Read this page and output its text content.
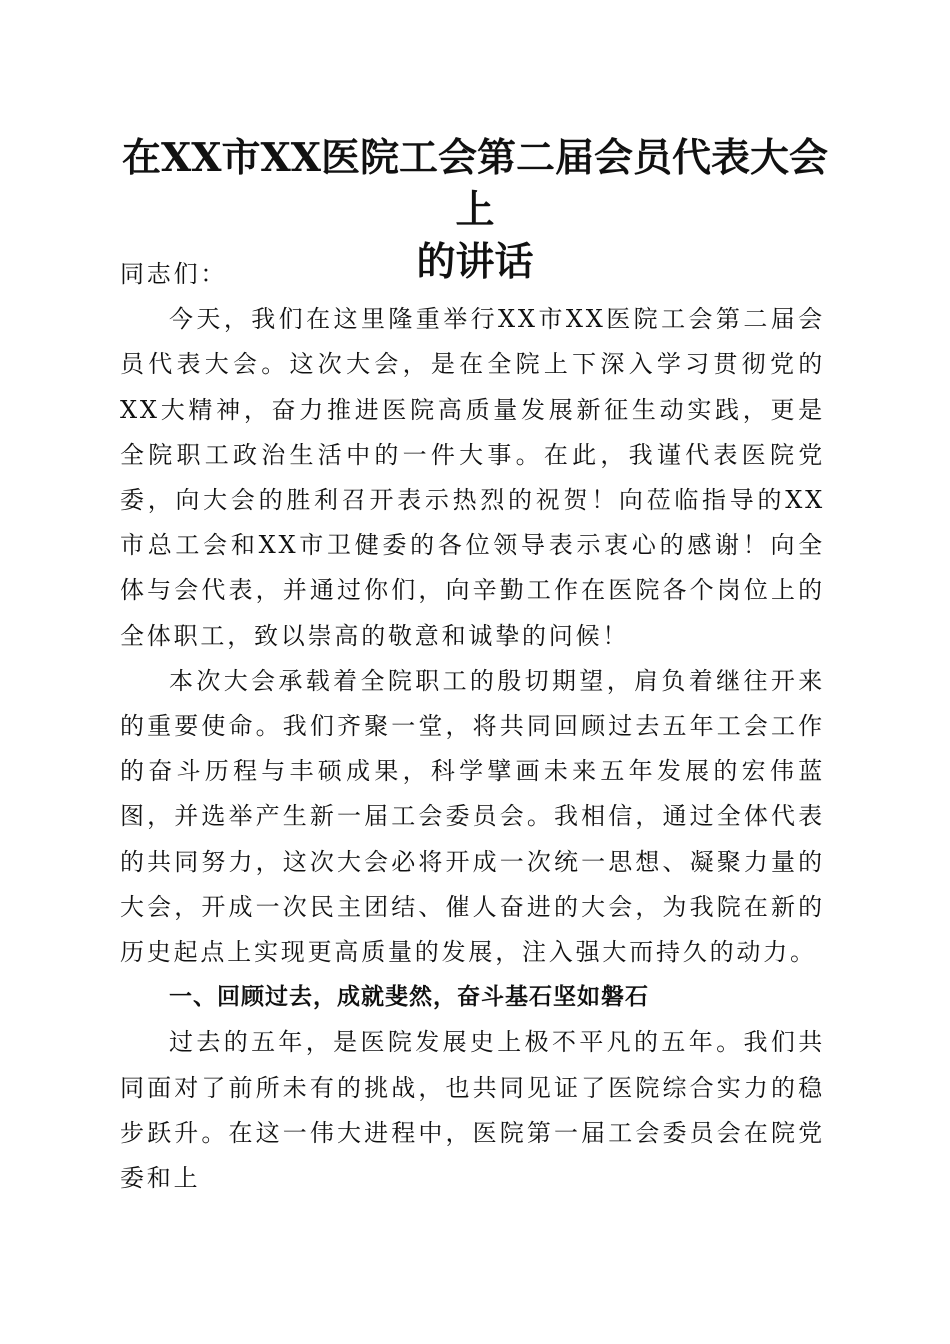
在XX市XX医院工会第二届会员代表大会上
的讲话

同志们：

今天，我们在这里隆重举行XX市XX医院工会第二届会员代表大会。这次大会，是在全院上下深入学习贯彻党的XX大精神，奋力推进医院高质量发展新征生动实践，更是全院职工政治生活中的一件大事。在此，我谨代表医院党委，向大会的胜利召开表示热烈的祝贺！向莅临指导的XX市总工会和XX市卫健委的各位领导表示衷心的感谢！向全体与会代表，并通过你们，向辛勤工作在医院各个岗位上的全体职工，致以崇高的敬意和诚挚的问候！

本次大会承载着全院职工的殷切期望，肩负着继往开来的重要使命。我们齐聚一堂，将共同回顾过去五年工会工作的奋斗历程与丰硕成果，科学擘画未来五年发展的宏伟蓝图，并选举产生新一届工会委员会。我相信，通过全体代表的共同努力，这次大会必将开成一次统一思想、凝聚力量的大会，开成一次民主团结、催人奋进的大会，为我院在新的历史起点上实现更高质量的发展，注入强大而持久的动力。

一、回顾过去，成就斐然，奋斗基石坚如磐石

过去的五年，是医院发展史上极不平凡的五年。我们共同面对了前所未有的挑战，也共同见证了医院综合实力的稳步跃升。在这一伟大进程中，医院第一届工会委员会在院党委和上
